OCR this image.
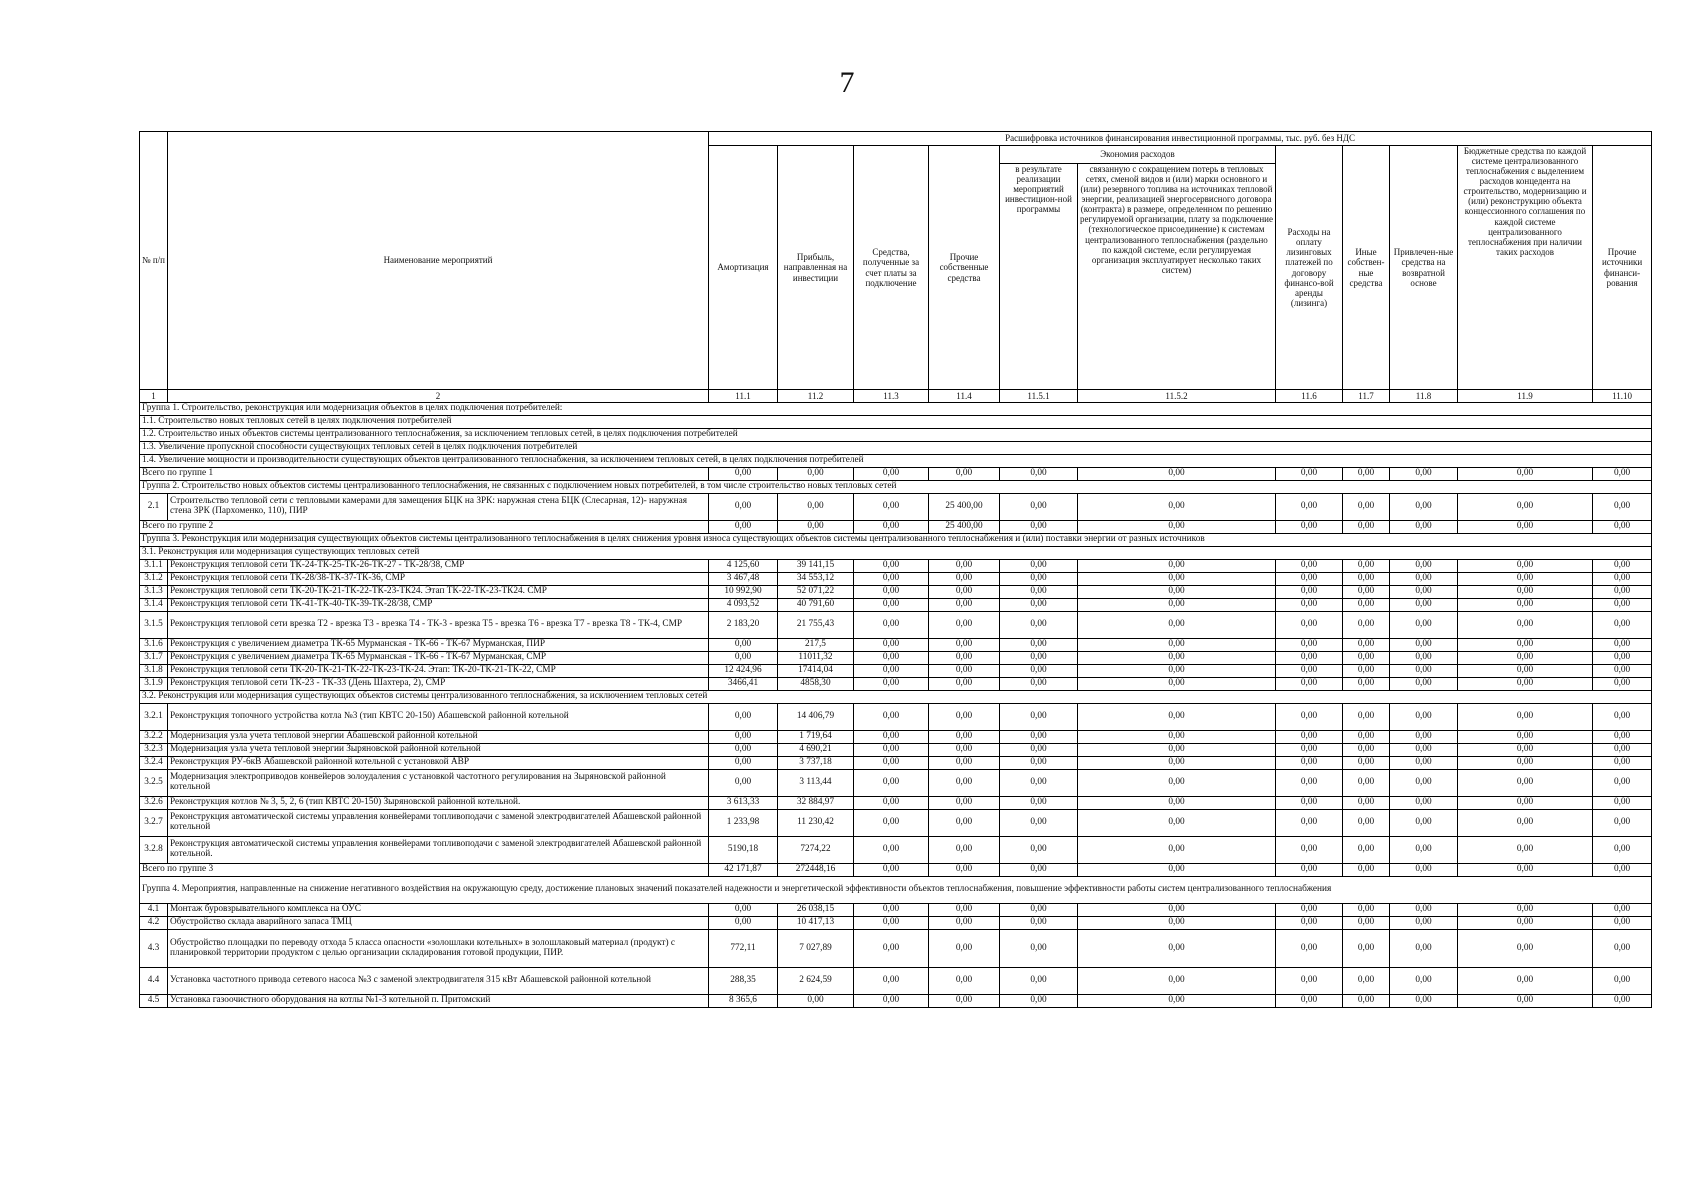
7
№ п/п	Наименование мероприятий	Расшифровка источников финансирования инвестиционной программы, тыс. руб. без НДС										
		Амортизация	Прибыль, направленная на инвестиции	Средства, полученные за счет платы за подключение	Прочие собственные средства	Экономия расходов		Расходы на оплату лизинговых платежей по договору финансо-вой аренды (лизинга)	Иные собствен-ные средства	Привлечен-ные средства на возвратной основе	Бюджетные средства по каждой системе централизованного теплоснабжения с выделением расходов концедента на строительство, модернизацию и (или) реконструкцию объекта концессионного соглашения по каждой системе централизованного теплоснабжения при наличии таких расходов	Прочие источники финанси-рования
						в результате реализации мероприятий инвестицион-ной программы	связанную с сокращением потерь в тепловых сетях, сменой видов и (или) марки основного и (или) резервного топлива на источниках тепловой энергии, реализацией энергосервисного договора (контракта) в размере, определенном по решению регулируемой организации, плату за подключение (технологическое присоединение) к системам централизованного теплоснабжения (раздельно по каждой системе, если регулируемая организация эксплуатирует несколько таких систем)					
1	2	11.1	11.2	11.3	11.4	11.5.1	11.5.2	11.6	11.7	11.8	11.9	11.10
Группа 1. Строительство, реконструкция или модернизация объектов в целях подключения потребителей:												
1.1. Строительство новых тепловых сетей в целях подключения потребителей												
1.2. Строительство иных объектов системы централизованного теплоснабжения, за исключением тепловых сетей, в целях подключения потребителей												
1.3. Увеличение пропускной способности существующих тепловых сетей в целях подключения потребителей												
1.4. Увеличение мощности и производительности существующих объектов централизованного теплоснабжения, за исключением тепловых сетей, в целях подключения потребителей												
Всего по группе 1		0,00	0,00	0,00	0,00	0,00	0,00	0,00	0,00	0,00	0,00	0,00
Группа 2. Строительство новых объектов системы централизованного теплоснабжения, не связанных с подключением новых потребителей, в том числе строительство новых тепловых сетей												
2.1	Строительство тепловой сети с тепловыми камерами для замещения БЦК на ЗРК: наружная стена БЦК (Слесарная, 12)- наружная стена ЗРК (Пархоменко, 110), ПИР	0,00	0,00	0,00	25 400,00	0,00	0,00	0,00	0,00	0,00	0,00	0,00
Всего по группе 2		0,00	0,00	0,00	25 400,00	0,00	0,00	0,00	0,00	0,00	0,00	0,00
Группа 3. Реконструкция или модернизация существующих объектов системы централизованного теплоснабжения в целях снижения уровня износа существующих объектов системы централизованного теплоснабжения и (или) поставки энергии от разных источников												
3.1. Реконструкция или модернизация существующих тепловых сетей												
3.1.1	Реконструкция тепловой сети ТК-24-ТК-25-ТК-26-ТК-27 - ТК-28/38, СМР	4 125,60	39 141,15	0,00	0,00	0,00	0,00	0,00	0,00	0,00	0,00	0,00
3.1.2	Реконструкция тепловой сети ТК-28/38-ТК-37-ТК-36, СМР	3 467,48	34 553,12	0,00	0,00	0,00	0,00	0,00	0,00	0,00	0,00	0,00
3.1.3	Реконструкция тепловой сети ТК-20-ТК-21-ТК-22-ТК-23-ТК24. Этап ТК-22-ТК-23-ТК24. СМР	10 992,90	52 071,22	0,00	0,00	0,00	0,00	0,00	0,00	0,00	0,00	0,00
3.1.4	Реконструкция тепловой сети ТК-41-ТК-40-ТК-39-ТК-28/38, СМР	4 093,52	40 791,60	0,00	0,00	0,00	0,00	0,00	0,00	0,00	0,00	0,00
3.1.5	Реконструкция тепловой сети врезка Т2 - врезка Т3 - врезка Т4 - ТК-3 - врезка Т5 - врезка Т6 - врезка Т7 - врезка Т8 - ТК-4, СМР	2 183,20	21 755,43	0,00	0,00	0,00	0,00	0,00	0,00	0,00	0,00	0,00
3.1.6	Реконструкция с увеличением диаметра ТК-65 Мурманская - ТК-66 - ТК-67 Мурманская, ПИР	0,00	217,5	0,00	0,00	0,00	0,00	0,00	0,00	0,00	0,00	0,00
3.1.7	Реконструкция с увеличением диаметра ТК-65 Мурманская - ТК-66 - ТК-67 Мурманская, СМР	0,00	11011,32	0,00	0,00	0,00	0,00	0,00	0,00	0,00	0,00	0,00
3.1.8	Реконструкция тепловой сети ТК-20-ТК-21-ТК-22-ТК-23-ТК-24. Этап: ТК-20-ТК-21-ТК-22, СМР	12 424,96	17414,04	0,00	0,00	0,00	0,00	0,00	0,00	0,00	0,00	0,00
3.1.9	Реконструкция тепловой сети ТК-23 - ТК-33 (День Шахтера, 2), СМР	3466,41	4858,30	0,00	0,00	0,00	0,00	0,00	0,00	0,00	0,00	0,00
3.2. Реконструкция или модернизация существующих объектов системы централизованного теплоснабжения, за исключением тепловых сетей												
3.2.1	Реконструкция топочного устройства котла №3 (тип КВТС 20-150) Абашевской районной котельной	0,00	14 406,79	0,00	0,00	0,00	0,00	0,00	0,00	0,00	0,00	0,00
3.2.2	Модернизация узла учета тепловой энергии Абашевской районной котельной	0,00	1 719,64	0,00	0,00	0,00	0,00	0,00	0,00	0,00	0,00	0,00
3.2.3	Модернизация узла учета тепловой энергии Зыряновской районной котельной	0,00	4 690,21	0,00	0,00	0,00	0,00	0,00	0,00	0,00	0,00	0,00
3.2.4	Реконструкция РУ-6кВ Абашевской районной котельной с установкой АВР	0,00	3 737,18	0,00	0,00	0,00	0,00	0,00	0,00	0,00	0,00	0,00
3.2.5	Модернизация электроприводов конвейеров золоудаления с установкой частотного регулирования на Зыряновской районной котельной	0,00	3 113,44	0,00	0,00	0,00	0,00	0,00	0,00	0,00	0,00	0,00
3.2.6	Реконструкция котлов № 3, 5, 2, 6 (тип КВТС 20-150) Зыряновской районной котельной.	3 613,33	32 884,97	0,00	0,00	0,00	0,00	0,00	0,00	0,00	0,00	0,00
3.2.7	Реконструкция автоматической системы управления конвейерами топливоподачи с заменой электродвигателей Абашевской районной котельной	1 233,98	11 230,42	0,00	0,00	0,00	0,00	0,00	0,00	0,00	0,00	0,00
3.2.8	Реконструкция автоматической системы управления конвейерами топливоподачи с заменой электродвигателей Абашевской районной котельной.	5190,18	7274,22	0,00	0,00	0,00	0,00	0,00	0,00	0,00	0,00	0,00
Всего по группе 3		42 171,87	272448,16	0,00	0,00	0,00	0,00	0,00	0,00	0,00	0,00	0,00
Группа 4. Мероприятия, направленные на снижение негативного воздействия на окружающую среду, достижение плановых значений показателей надежности и энергетической эффективности объектов теплоснабжения, повышение эффективности работы систем централизованного теплоснабжения												
4.1	Монтаж буровзрывательного комплекса на ОУС	0,00	26 038,15	0,00	0,00	0,00	0,00	0,00	0,00	0,00	0,00	0,00
4.2	Обустройство склада аварийного запаса ТМЦ	0,00	10 417,13	0,00	0,00	0,00	0,00	0,00	0,00	0,00	0,00	0,00
4.3	Обустройство площадки по переводу отхода 5 класса опасности «золошлаки котельных» в золошлаковый материал (продукт) с планировкой территории продуктом с целью организации складирования готовой продукции, ПИР.	772,11	7 027,89	0,00	0,00	0,00	0,00	0,00	0,00	0,00	0,00	0,00
4.4	Установка частотного привода сетевого насоса №3 с заменой электродвигателя 315 кВт Абашевской районной котельной	288,35	2 624,59	0,00	0,00	0,00	0,00	0,00	0,00	0,00	0,00	0,00
4.5	Установка газоочистного оборудования на котлы №1-3 котельной п. Притомский	8 365,6	0,00	0,00	0,00	0,00	0,00	0,00	0,00	0,00	0,00	0,00
